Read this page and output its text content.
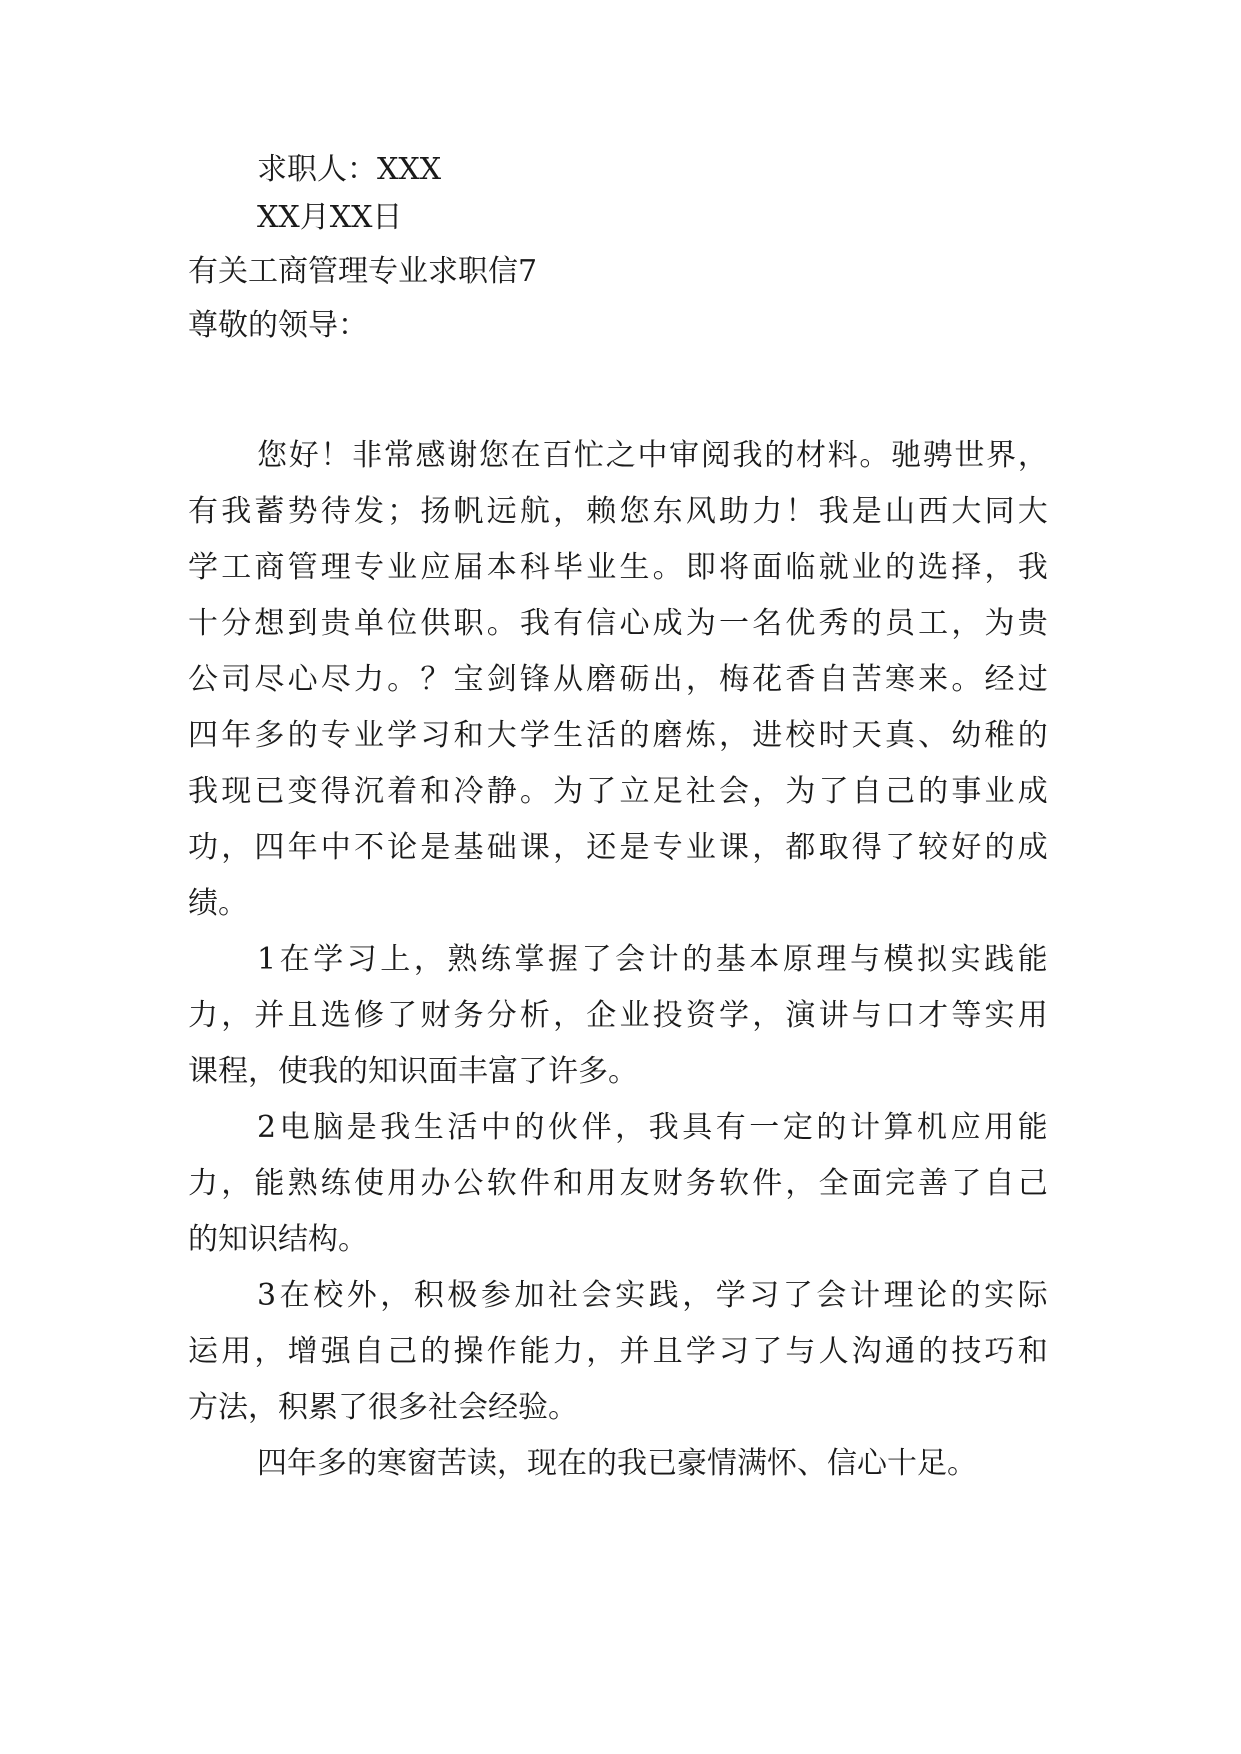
求职人：XXX
XX月XX日
有关工商管理专业求职信7
尊敬的领导：
您 好 ！ 非 常 感 谢 您 在 百 忙 之 中 审 阅 我 的 材 料 。 驰 骋 世 界 ，
有 我 蓄 势 待 发 ； 扬 帆 远 航 ， 赖 您 东 风 助 力 ！ 我 是 山 西 大 同 大
学 工 商 管 理 专 业 应 届 本 科 毕 业 生 。 即 将 面 临 就 业 的 选 择 ， 我
十 分 想 到 贵 单 位 供 职 。 我 有 信 心 成 为 一 名 优 秀 的 员 工 ， 为 贵
公 司 尽 心 尽 力 。 ？ 宝 剑 锋 从 磨 砺 出 ， 梅 花 香 自 苦 寒 来 。 经 过
四 年 多 的 专 业 学 习 和 大 学 生 活 的 磨 炼 ， 进 校 时 天 真 、 幼 稚 的
我 现 已 变 得 沉 着 和 冷 静 。 为 了 立 足 社 会 ， 为 了 自 己 的 事 业 成
功 ， 四 年 中 不 论 是 基 础 课 ， 还 是 专 业 课 ， 都 取 得 了 较 好 的 成
绩。
1 在 学 习 上 ， 熟 练 掌 握 了 会 计 的 基 本 原 理 与 模 拟 实 践 能
力 ， 并 且 选 修 了 财 务 分 析 ， 企 业 投 资 学 ， 演 讲 与 口 才 等 实 用
课程，使我的知识面丰富了许多。
2 电 脑 是 我 生 活 中 的 伙 伴 ， 我 具 有 一 定 的 计 算 机 应 用 能
力 ， 能 熟 练 使 用 办 公 软 件 和 用 友 财 务 软 件 ， 全 面 完 善 了 自 己
的知识结构。
3 在 校 外 ， 积 极 参 加 社 会 实 践 ， 学 习 了 会 计 理 论 的 实 际
运 用 ， 增 强 自 己 的 操 作 能 力 ， 并 且 学 习 了 与 人 沟 通 的 技 巧 和
方法，积累了很多社会经验。
四年多的寒窗苦读，现在的我已豪情满怀、信心十足。
